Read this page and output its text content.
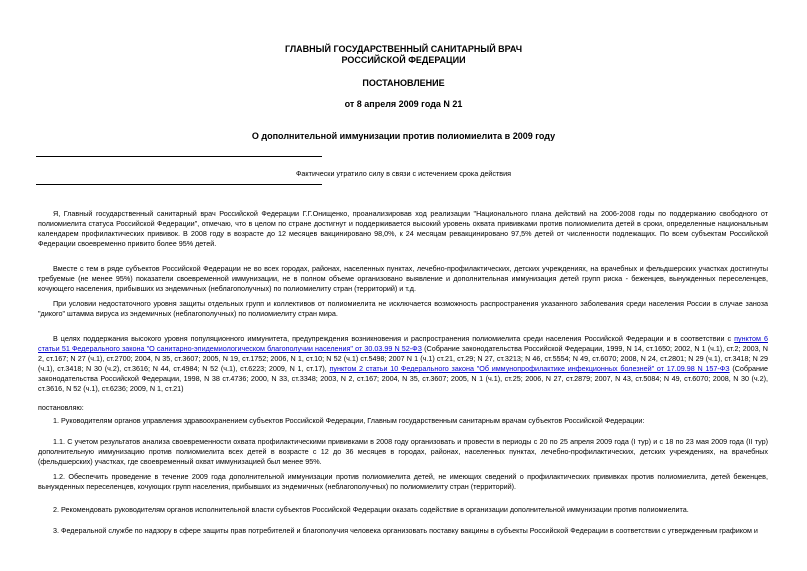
ГЛАВНЫЙ ГОСУДАРСТВЕННЫЙ САНИТАРНЫЙ ВРАЧ
РОССИЙСКОЙ ФЕДЕРАЦИИ
ПОСТАНОВЛЕНИЕ
от 8 апреля 2009 года N 21
О дополнительной иммунизации против полиомиелита в 2009 году
Фактически утратило силу в связи с истечением срока действия

Я, Главный государственный санитарный врач Российской Федерации Г.Г.Онищенко, проанализировав ход реализации "Национального плана действий на 2006-2008 годы по поддержанию свободного от полиомиелита статуса Российской Федерации", отмечаю, что в целом по стране достигнут и поддерживается высокий уровень охвата прививками против полиомиелита детей в сроки, определенные национальным календарем профилактических прививок. В 2008 году в возрасте до 12 месяцев вакцинировано 98,0%, к 24 месяцам ревакцинировано 97,5% детей от численности подлежащих. По всем субъектам Российской Федерации своевременно привито более 95% детей.

Вместе с тем в ряде субъектов Российской Федерации не во всех городах, районах, населенных пунктах, лечебно-профилактических, детских учреждениях, на врачебных и фельдшерских участках достигнуты требуемые (не менее 95%) показатели своевременной иммунизации, не в полном объеме организовано выявление и дополнительная иммунизация детей групп риска - беженцев, вынужденных переселенцев, кочующего населения, прибывших из эндемичных (неблагополучных) по полиомиелиту стран (территорий) и т.д.

При условии недостаточного уровня защиты отдельных групп и коллективов от полиомиелита не исключается возможность распространения указанного заболевания среди населения России в случае заноза "дикого" штамма вируса из эндемичных (неблагополучных) по полиомиелиту стран мира.

В целях поддержания высокого уровня популяционного иммунитета, предупреждения возникновения и распространения полиомиелита среди населения Российской Федерации и в соответствии с пунктом 6 статьи 51 Федерального закона "О санитарно-эпидемиологическом благополучии населения" от 30.03.99 N 52-ФЗ (Собрание законодательства Российской Федерации, 1999, N 14, ст.1650; 2002, N 1 (ч.1), ст.2; 2003, N 2, ст.167; N 27 (ч.1), ст.2700; 2004, N 35, ст.3607; 2005, N 19, ст.1752; 2006, N 1, ст.10; N 52 (ч.1) ст.5498; 2007 N 1 (ч.1) ст.21, ст.29; N 27, ст.3213; N 46, ст.5554; N 49, ст.6070; 2008, N 24, ст.2801; N 29 (ч.1), ст.3418; N 29 (ч.1), ст.3418; N 30 (ч.2), ст.3616; N 44, ст.4984; N 52 (ч.1), ст.6223; 2009, N 1, ст.17), пунктом 2 статьи 10 Федерального закона "Об иммунопрофилактике инфекционных болезней" от 17.09.98 N 157-ФЗ (Собрание законодательства Российской Федерации, 1998, N 38 ст.4736; 2000, N 33, ст.3348; 2003, N 2, ст.167; 2004, N 35, ст.3607; 2005, N 1 (ч.1), ст.25; 2006, N 27, ст.2879; 2007, N 43, ст.5084; N 49, ст.6070; 2008, N 30 (ч.2), ст.3616, N 52 (ч.1), ст.6236; 2009, N 1, ст.21)

постановляю:

1. Руководителям органов управления здравоохранением субъектов Российской Федерации, Главным государственным санитарным врачам субъектов Российской Федерации:

1.1. С учетом результатов анализа своевременности охвата профилактическими прививками в 2008 году организовать и провести в периоды с 20 по 25 апреля 2009 года (I тур) и с 18 по 23 мая 2009 года (II тур) дополнительную иммунизацию против полиомиелита всех детей в возрасте с 12 до 36 месяцев в городах, районах, населенных пунктах, лечебно-профилактических, детских учреждениях, на врачебных (фельдшерских) участках, где своевременный охват иммунизацией был менее 95%.

1.2. Обеспечить проведение в течение 2009 года дополнительной иммунизации против полиомиелита детей, не имеющих сведений о профилактических прививках против полиомиелита, детей беженцев, вынужденных переселенцев, кочующих групп населения, прибывших из эндемичных (неблагополучных) по полиомиелиту стран (территорий).

2. Рекомендовать руководителям органов исполнительной власти субъектов Российской Федерации оказать содействие в организации дополнительной иммунизации против полиомиелита.

3. Федеральной службе по надзору в сфере защиты прав потребителей и благополучия человека организовать поставку вакцины в субъекты Российской Федерации в соответствии с утвержденным графиком и
